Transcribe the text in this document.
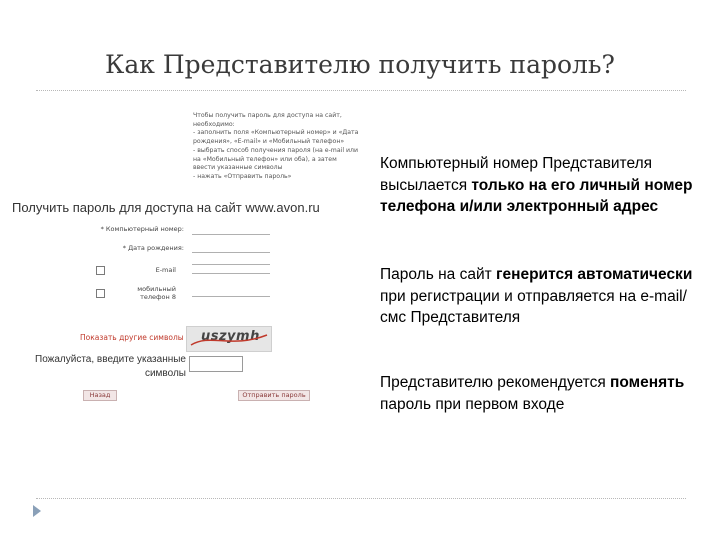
Как Представителю получить пароль?
Чтобы получить пароль для доступа на сайт,
необходимо:
- заполнить поля «Компьютерный номер» и «Дата
рождения», «E-mail» и «Мобильный телефон»
- выбрать способ получения пароля (на e-mail или
на «Мобильный телефон» или оба), а затем
ввести указанные символы
- нажать «Отправить пароль»
Получить пароль для доступа на сайт www.avon.ru
* Компьютерный номер:
* Дата рождения:
E-mail
мобильный телефон 8
Показать другие символы uszymh
Пожалуйста, введите указанные символы
Назад	Отправить пароль
Компьютерный номер Представителя высылается только на его личный номер телефона и/или электронный адрес
Пароль на сайт генерится автоматически при регистрации и отправляется на e-mail/смс Представителя
Представителю рекомендуется поменять пароль при первом входе
